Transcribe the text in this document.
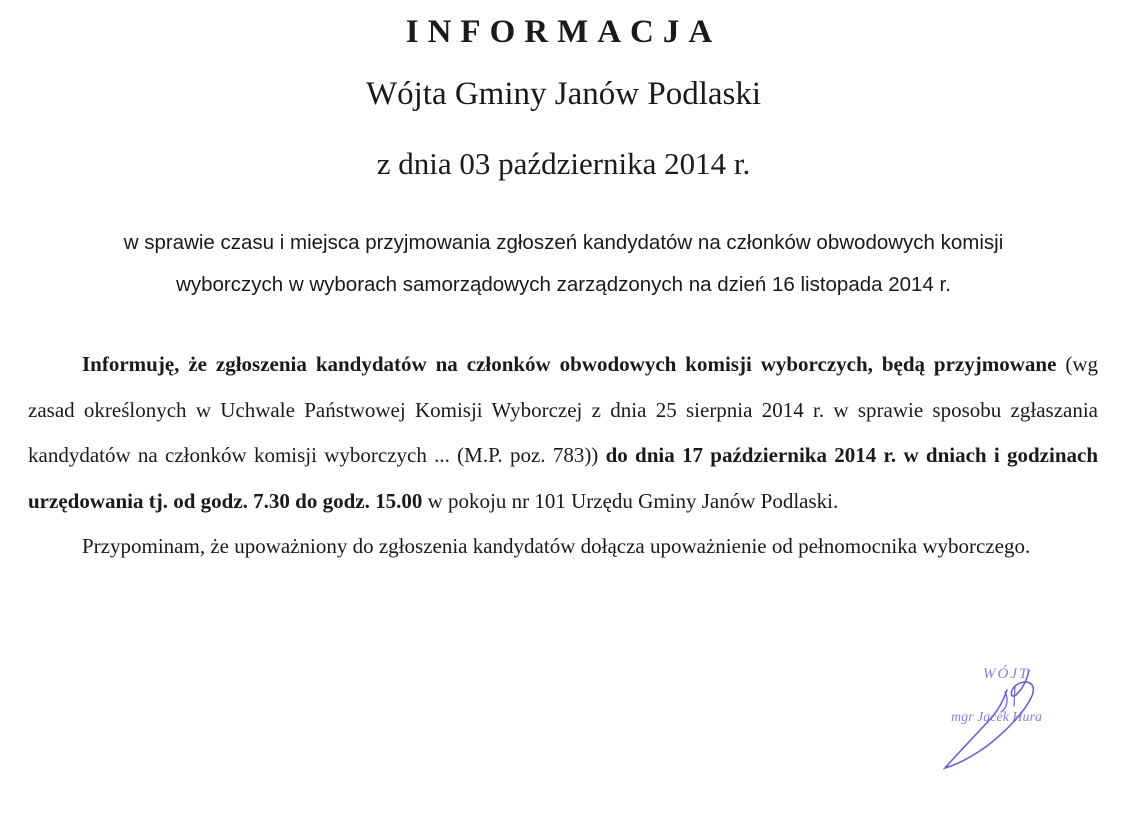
INFORMACJA
Wójta Gminy Janów Podlaski
z dnia 03 października 2014 r.
w sprawie czasu i miejsca przyjmowania zgłoszeń kandydatów na członków obwodowych komisji
wyborczych w wyborach samorządowych zarządzonych na dzień 16 listopada 2014 r.

Informuję, że zgłoszenia kandydatów na członków obwodowych komisji wyborczych, będą przyjmowane (wg zasad określonych w Uchwale Państwowej Komisji Wyborczej z dnia 25 sierpnia 2014 r. w sprawie sposobu zgłaszania kandydatów na członków komisji wyborczych ... (M.P. poz. 783)) do dnia 17 października 2014 r. w dniach i godzinach urzędowania tj. od godz. 7.30 do godz. 15.00 w pokoju nr 101 Urzędu Gminy Janów Podlaski.

Przypominam, że upoważniony do zgłoszenia kandydatów dołącza upoważnienie od pełnomocnika wyborczego.

WÓJT
mgr Jacek Hura
